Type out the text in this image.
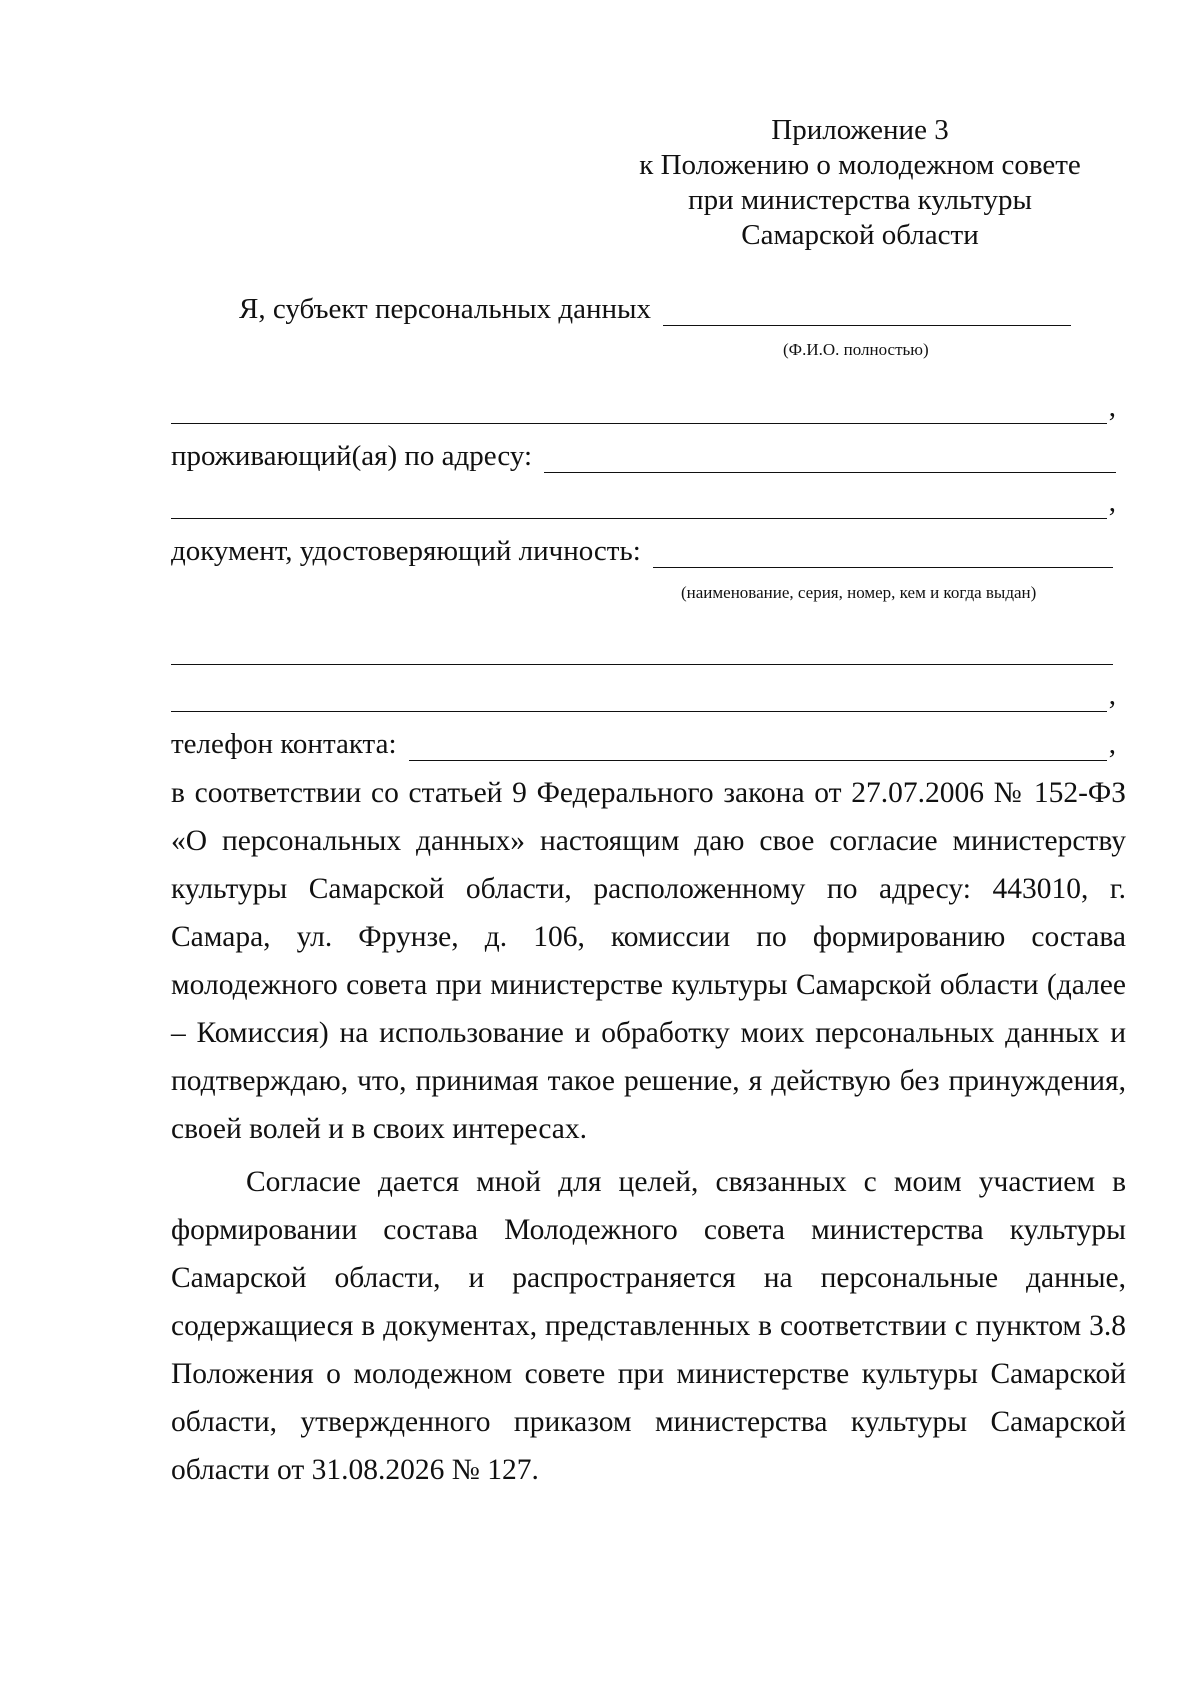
Приложение 3
к Положению о молодежном совете
при министерства культуры
Самарской области
Я, субъект персональных данных
(Ф.И.О. полностью)
,
проживающий(ая) по адресу:
,
документ, удостоверяющий личность:
(наименование, серия, номер, кем и когда выдан)
,
телефон контакта:	,

в соответствии со статьей 9 Федерального закона от 27.07.2006 № 152-ФЗ «О персональных данных» настоящим даю свое согласие министерству культуры Самарской области, расположенному по адресу: 443010, г. Самара, ул. Фрунзе, д. 106, комиссии по формированию состава молодежного совета при министерстве культуры Самарской области (далее – Комиссия) на использование и обработку моих персональных данных и подтверждаю, что, принимая такое решение, я действую без принуждения, своей волей и в своих интересах.

Согласие дается мной для целей, связанных с моим участием в формировании состава Молодежного совета министерства культуры Самарской области, и распространяется на персональные данные, содержащиеся в документах, представленных в соответствии с пунктом 3.8 Положения о молодежном совете при министерстве культуры Самарской области, утвержденного приказом министерства культуры Самарской области от 31.08.2026 № 127.
